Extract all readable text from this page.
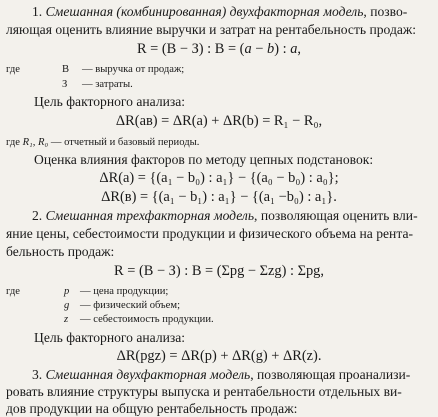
1. Смешанная (комбинированная) двухфакторная модель, позво-
ляющая оценить влияние выручки и затрат на рентабельность продаж:
R = (В − З) : В = (a − b) : a,
где	В — выручка от продаж;
З — затраты.
Цель факторного анализа:
ΔR(ав) = ΔR(а) + ΔR(b) = R₁ − R₀,
где R₁, R₀ — отчетный и базовый периоды.
Оценка влияния факторов по методу цепных подстановок:
ΔR(а) = {(a₁ − b₀) : a₁} − {(a₀ − b₀) : a₀};
ΔR(в) = {(a₁ − b₁) : a₁} − {(a₁ −b₀) : a₁}.
2. Смешанная трехфакторная модель, позволяющая оценить вли-
яние цены, себестоимости продукции и физического объема на рента-
бельность продаж:
R = (В − З) : В = (Σpg − Σzg) : Σpg,
где	p — цена продукции;
g — физический объем;
z — себестоимость продукции.
Цель факторного анализа:
ΔR(pgz) = ΔR(p) + ΔR(g) + ΔR(z).
3. Смешанная двухфакторная модель, позволяющая проанализи-
ровать влияние структуры выпуска и рентабельности отдельных ви-
дов продукции на общую рентабельность продаж:
